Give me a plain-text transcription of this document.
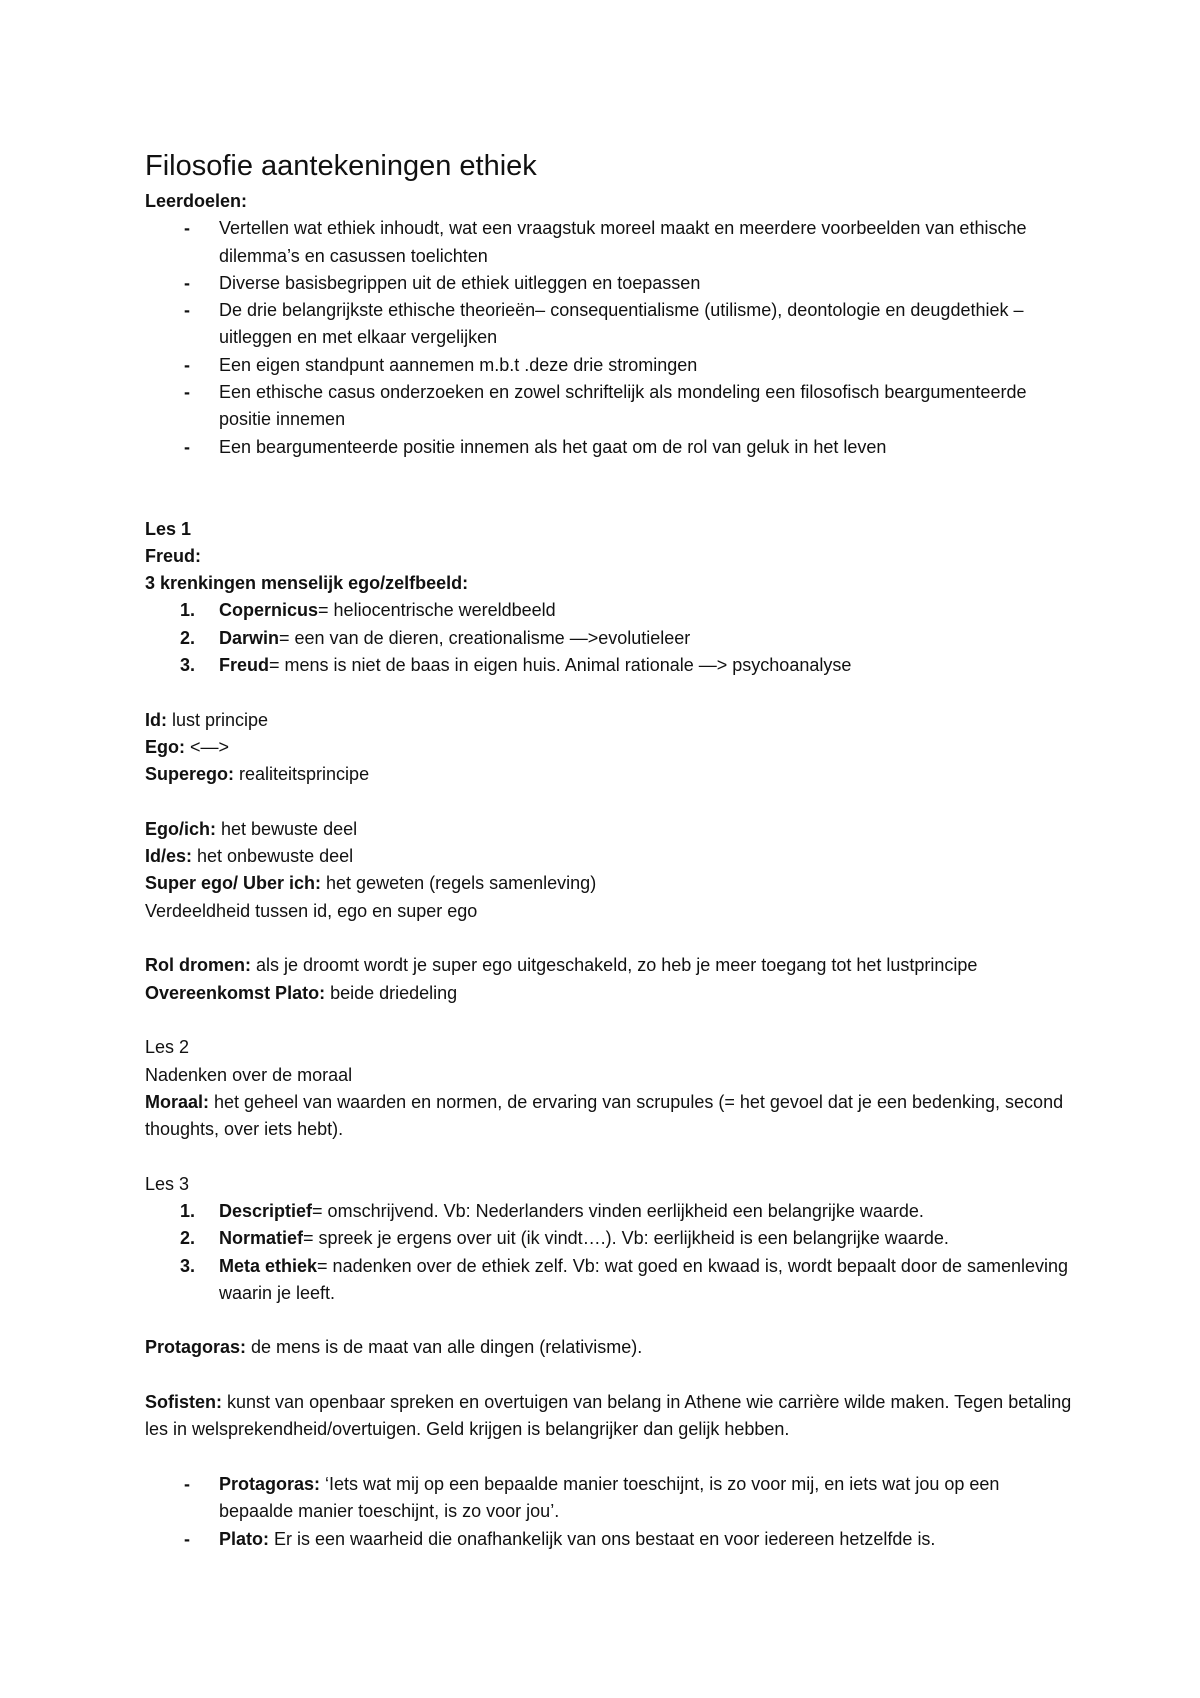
Filosofie aantekeningen ethiek

Leerdoelen:

- Vertellen wat ethiek inhoudt, wat een vraagstuk moreel maakt en meerdere voorbeelden van ethische dilemma’s en casussen toelichten
- Diverse basisbegrippen uit de ethiek uitleggen en toepassen
- De drie belangrijkste ethische theorieën– consequentialisme (utilisme), deontologie en deugdethiek – uitleggen en met elkaar vergelijken
- Een eigen standpunt aannemen m.b.t .deze drie stromingen
- Een ethische casus onderzoeken en zowel schriftelijk als mondeling een filosofisch beargumenteerde positie innemen
- Een beargumenteerde positie innemen als het gaat om de rol van geluk in het leven

Les 1

Freud:

3 krenkingen menselijk ego/zelfbeeld:

1. Copernicus= heliocentrische wereldbeeld
2. Darwin= een van de dieren, creationalisme —>evolutieleer
3. Freud= mens is niet de baas in eigen huis. Animal rationale —> psychoanalyse

Id: lust principe

Ego: <—>

Superego: realiteitsprincipe

Ego/ich: het bewuste deel

Id/es: het onbewuste deel

Super ego/ Uber ich: het geweten (regels samenleving)

Verdeeldheid tussen id, ego en super ego

Rol dromen: als je droomt wordt je super ego uitgeschakeld, zo heb je meer toegang tot het lustprincipe

Overeenkomst Plato: beide driedeling

Les 2

Nadenken over de moraal

Moraal: het geheel van waarden en normen, de ervaring van scrupules (= het gevoel dat je een bedenking, second thoughts, over iets hebt).

Les 3

1. Descriptief= omschrijvend. Vb: Nederlanders vinden eerlijkheid een belangrijke waarde.
2. Normatief= spreek je ergens over uit (ik vindt….). Vb: eerlijkheid is een belangrijke waarde.
3. Meta ethiek= nadenken over de ethiek zelf. Vb: wat goed en kwaad is, wordt bepaalt door de samenleving waarin je leeft.

Protagoras: de mens is de maat van alle dingen (relativisme).

Sofisten: kunst van openbaar spreken en overtuigen van belang in Athene wie carrière wilde maken. Tegen betaling les in welsprekendheid/overtuigen. Geld krijgen is belangrijker dan gelijk hebben.

- Protagoras: ‘Iets wat mij op een bepaalde manier toeschijnt, is zo voor mij, en iets wat jou op een bepaalde manier toeschijnt, is zo voor jou’.
- Plato: Er is een waarheid die onafhankelijk van ons bestaat en voor iedereen hetzelfde is.
